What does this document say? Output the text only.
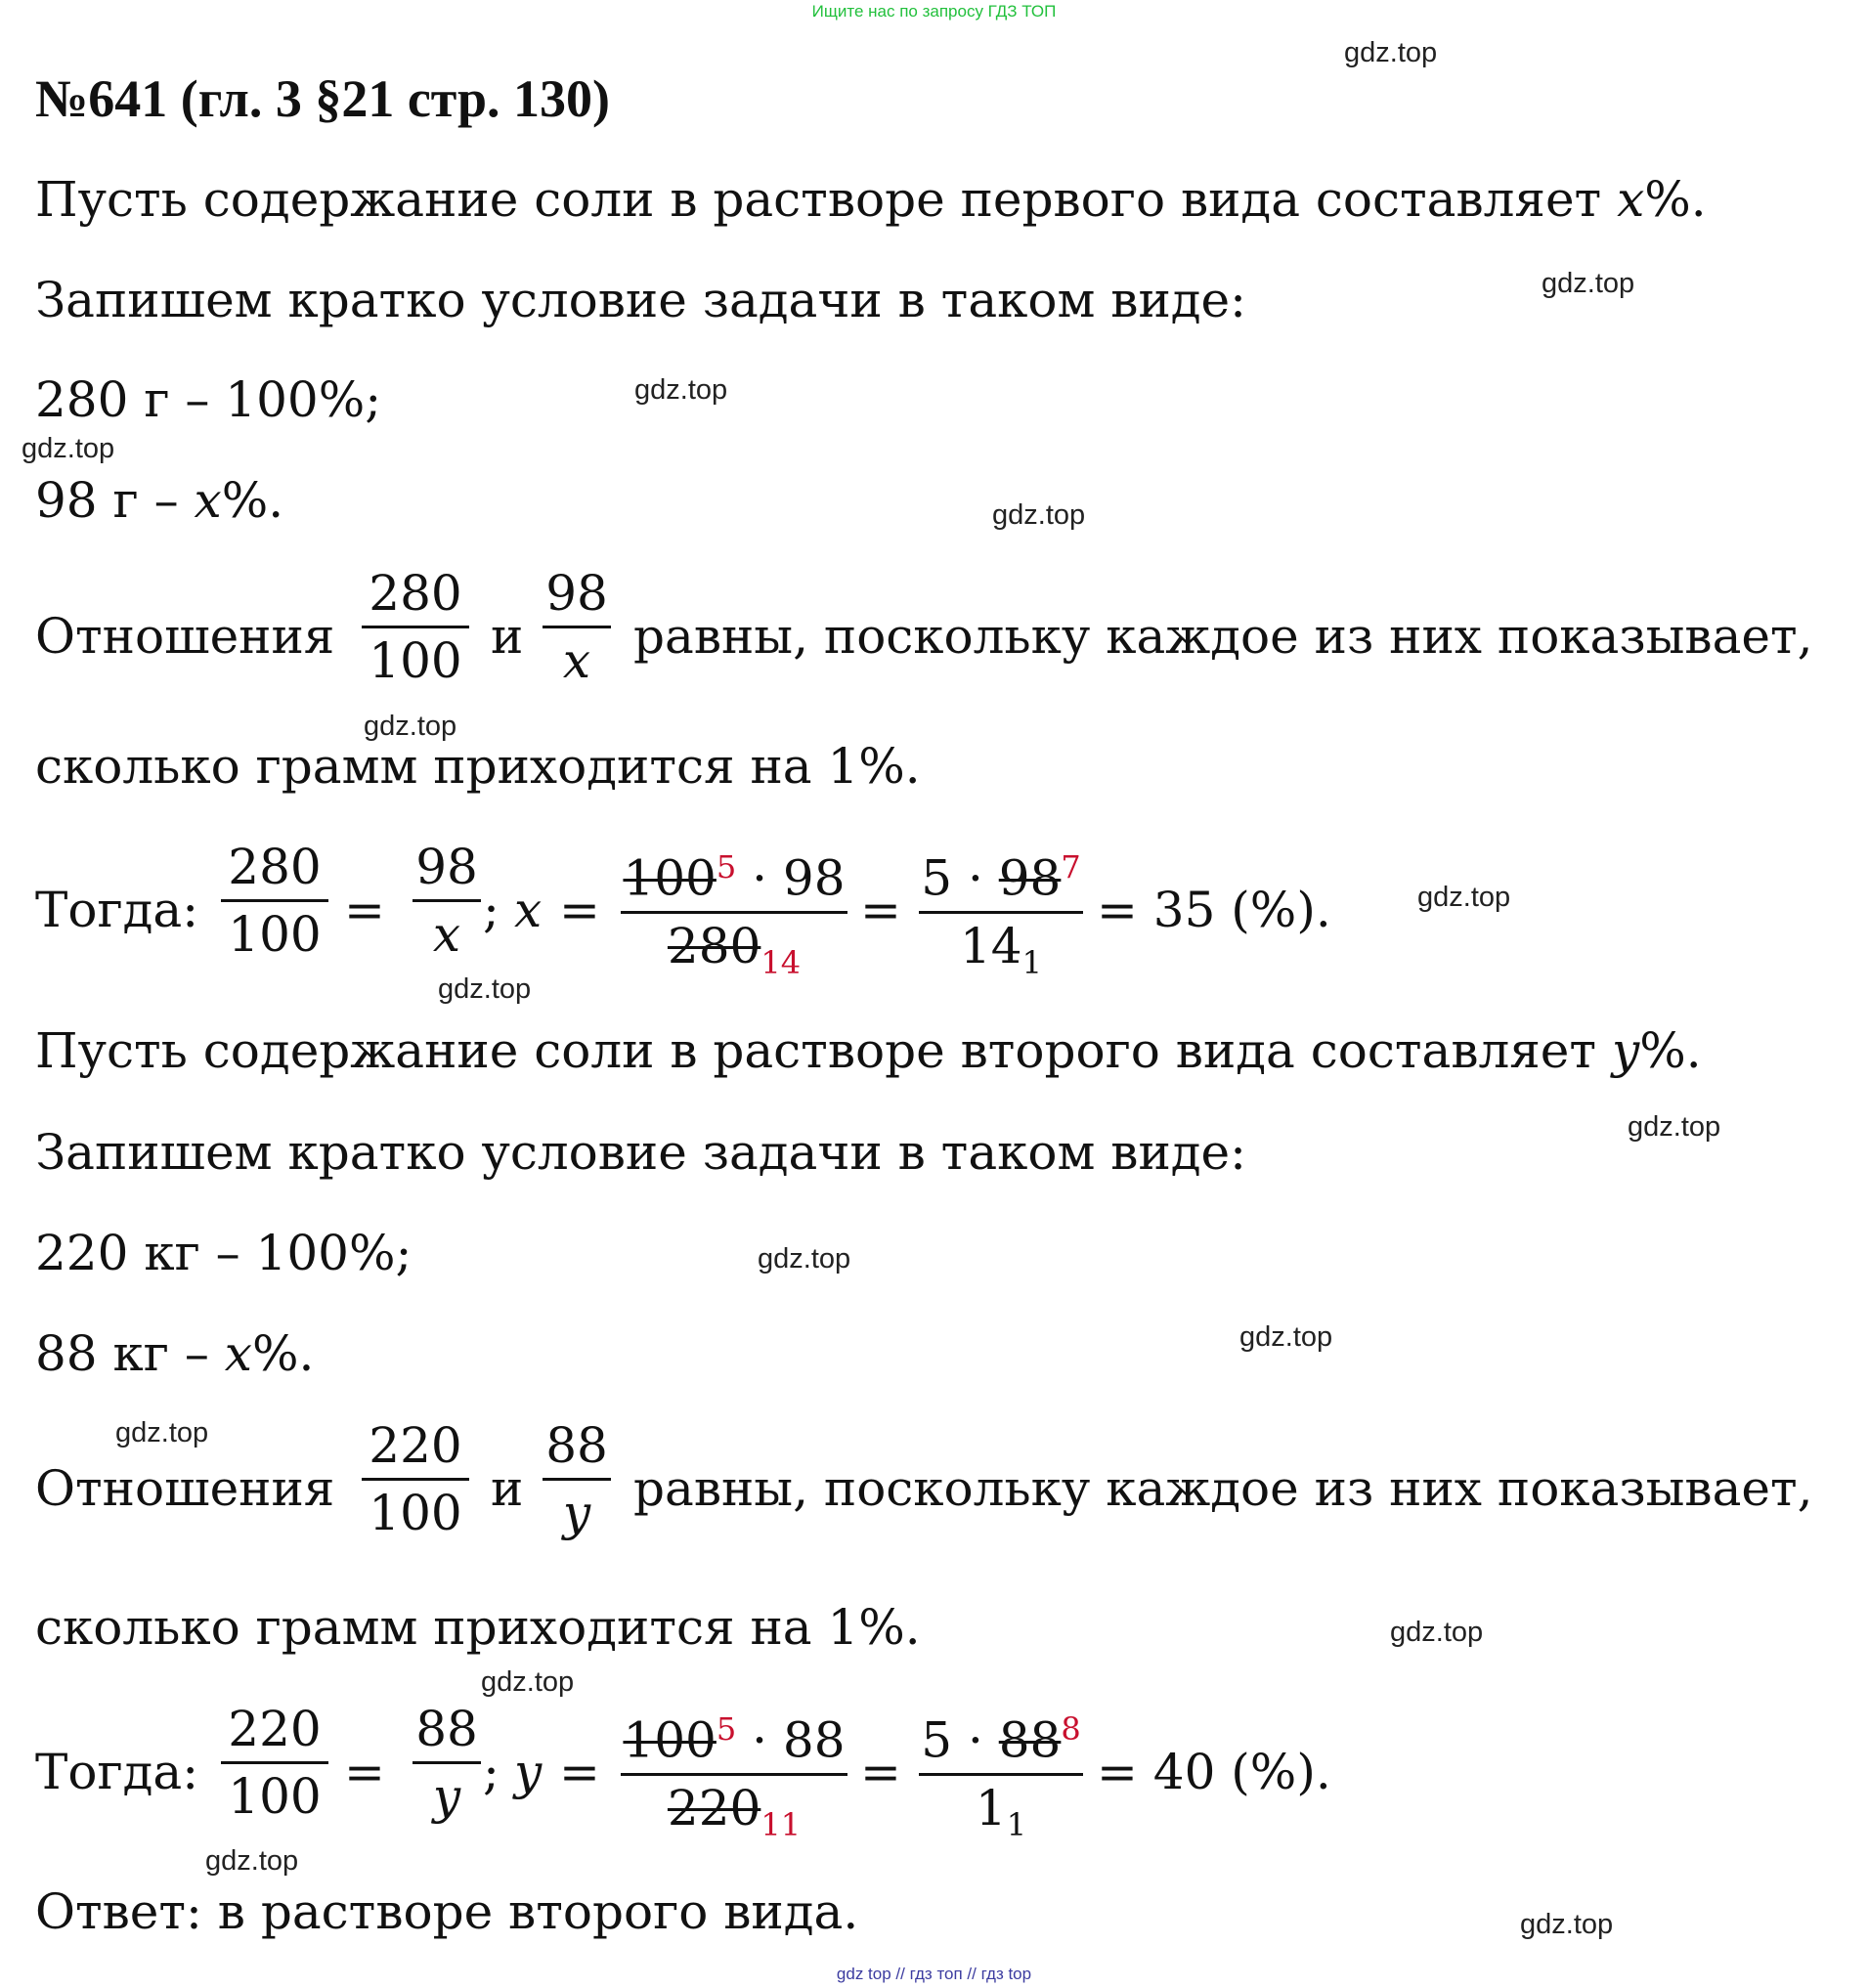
Ищите нас по запросу ГДЗ ТОП
№641 (гл. 3 §21 стр. 130)
gdz.top
gdz.top
gdz.top
gdz.top
gdz.top
gdz.top
gdz.top
gdz.top
gdz.top
gdz.top
gdz.top
gdz.top
gdz.top
gdz.top
gdz.top
gdz.top
Пусть содержание соли в растворе первого вида составляет x%.
Запишем кратко условие задачи в таком виде:
280 г – 100%;
98 г – x%.
Отношения
280
100 и
98
x равны, поскольку каждое из них показывает,
сколько грамм приходится на 1%.
Тогда:
280
100 =
98
x ; x =
$100^5 \cdot 98$
$280_{14}$
=
$5 \cdot 98^7$
$14_1$
= 35 (%).
Пусть содержание соли в растворе второго вида составляет y%.
Запишем кратко условие задачи в таком виде:
220 кг – 100%;
88 кг – x%.
Отношения
220
100 и
88
y равны, поскольку каждое из них показывает,
сколько грамм приходится на 1%.
Тогда:
220
100 =
88
y ; y =
$100^5 \cdot 88$
$220_{11}$
=
$5 \cdot 88^8$
$1_1$
= 40 (%).
Ответ: в растворе второго вида.
gdz top // гдз топ // гдз top
